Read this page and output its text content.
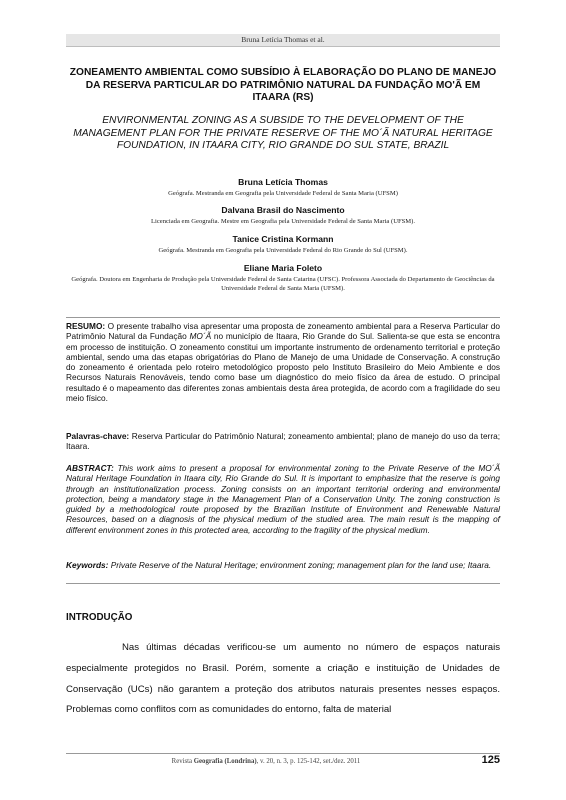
Bruna Letícia Thomas et al.
ZONEAMENTO AMBIENTAL COMO SUBSÍDIO À ELABORAÇÃO DO PLANO DE MANEJO DA RESERVA PARTICULAR DO PATRIMÔNIO NATURAL DA FUNDAÇÃO MO'Ã EM ITAARA (RS)
ENVIRONMENTAL ZONING AS A SUBSIDE TO THE DEVELOPMENT OF THE MANAGEMENT PLAN FOR THE PRIVATE RESERVE OF THE MO´Ã NATURAL HERITAGE FOUNDATION, IN ITAARA CITY, RIO GRANDE DO SUL STATE, BRAZIL
Bruna Letícia Thomas
Geógrafa. Mestranda em Geografia pela Universidade Federal de Santa Maria (UFSM)
Dalvana Brasil do Nascimento
Licenciada em Geografia. Mestre em Geografia pela Universidade Federal de Santa Maria (UFSM).
Tanice Cristina Kormann
Geógrafa. Mestranda em Geografia pela Universidade Federal do Rio Grande do Sul (UFSM).
Eliane Maria Foleto
Geógrafa. Doutora em Engenharia de Produção pela Universidade Federal de Santa Catarina (UFSC). Professora Associada do Departamento de Geociências da Universidade Federal de Santa Maria (UFSM).
RESUMO: O presente trabalho visa apresentar uma proposta de zoneamento ambiental para a Reserva Particular do Patrimônio Natural da Fundação MO´Ã no município de Itaara, Rio Grande do Sul. Salienta-se que esta se encontra em processo de instituição. O zoneamento constitui um importante instrumento de ordenamento territorial e proteção ambiental, sendo uma das etapas obrigatórias do Plano de Manejo de uma Unidade de Conservação. A construção do zoneamento é orientada pelo roteiro metodológico proposto pelo Instituto Brasileiro do Meio Ambiente e dos Recursos Naturais Renováveis, tendo como base um diagnóstico do meio físico da área de estudo. O principal resultado é o mapeamento das diferentes zonas ambientais desta área protegida, de acordo com a fragilidade do seu meio físico.
Palavras-chave: Reserva Particular do Patrimônio Natural; zoneamento ambiental; plano de manejo do uso da terra; Itaara.
ABSTRACT: This work aims to present a proposal for environmental zoning to the Private Reserve of the MO´Ã Natural Heritage Foundation in Itaara city, Rio Grande do Sul. It is important to emphasize that the reserve is going through an institutionalization process. Zoning consists on an important territorial ordering and environmental protection, being a mandatory stage in the Management Plan of a Conservation Unity. The zoning construction is guided by a methodological route proposed by the Brazilian Institute of Environment and Renewable Natural Resources, based on a diagnosis of the physical medium of the studied area. The main result is the mapping of different environment zones in this protected area, according to the fragility of the physical medium.
Keywords: Private Reserve of the Natural Heritage; environment zoning; management plan for the land use; Itaara.
INTRODUÇÃO
Nas últimas décadas verificou-se um aumento no número de espaços naturais especialmente protegidos no Brasil. Porém, somente a criação e instituição de Unidades de Conservação (UCs) não garantem a proteção dos atributos naturais presentes nesses espaços. Problemas como conflitos com as comunidades do entorno, falta de material
Revista Geografia (Londrina), v. 20, n. 3, p. 125-142, set./dez. 2011	125
